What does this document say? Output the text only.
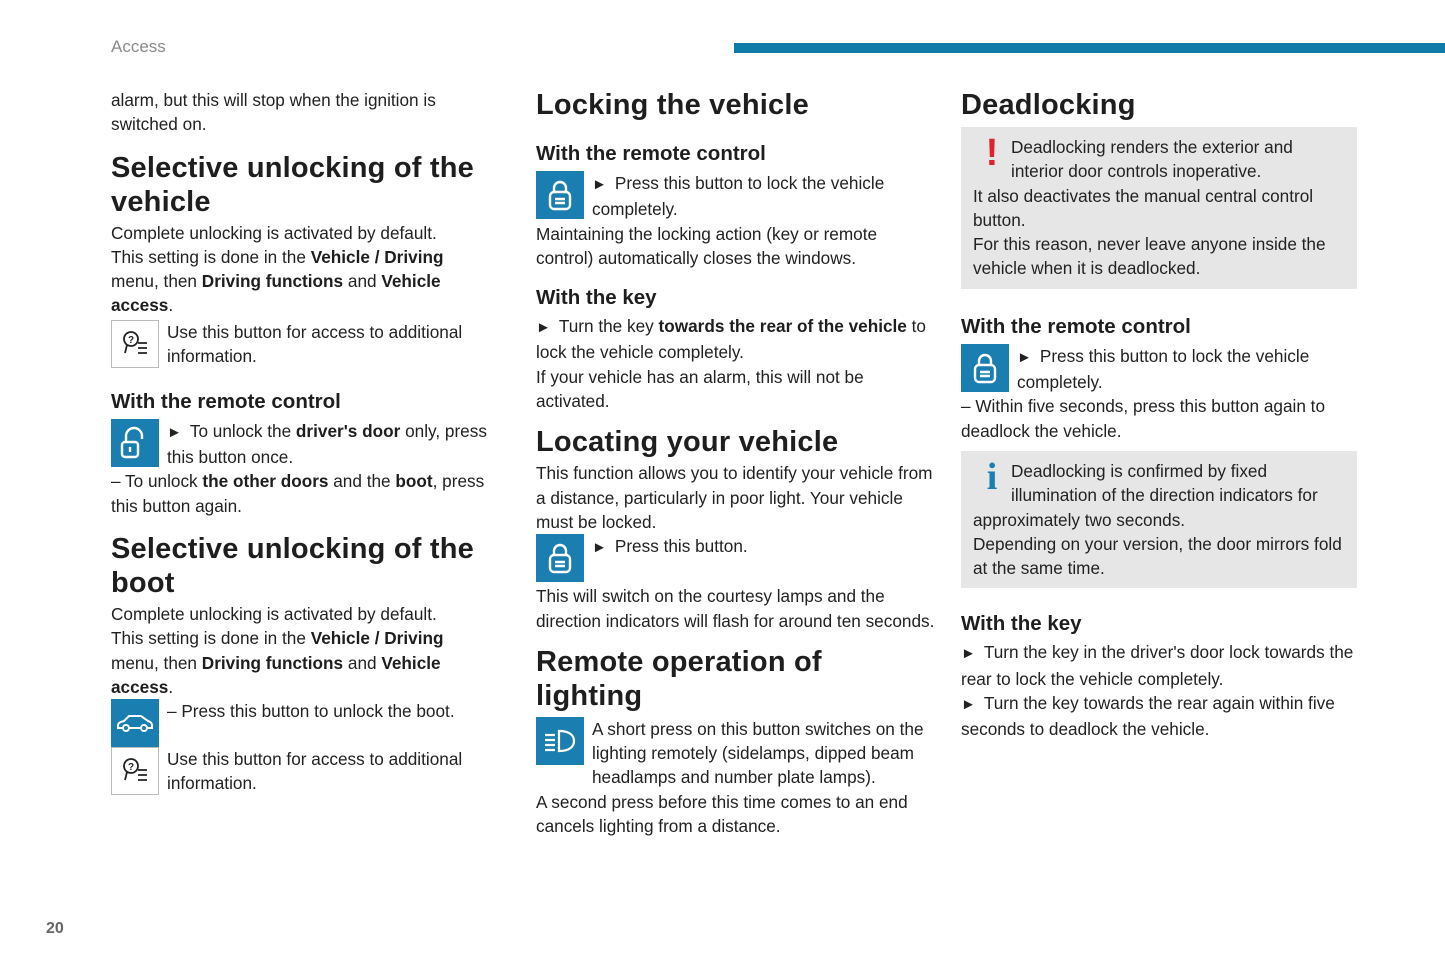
Access

alarm, but this will stop when the ignition is switched on.

Selective unlocking of the vehicle

Complete unlocking is activated by default.

This setting is done in the Vehicle / Driving menu, then Driving functions and Vehicle access.

?	Use this button for access to additional information.

With the remote control

► To unlock the driver's door only, press this button once.

– To unlock the other doors and the boot, press this button again.

Selective unlocking of the boot

Complete unlocking is activated by default.

This setting is done in the Vehicle / Driving menu, then Driving functions and Vehicle access.

– Press this button to unlock the boot.

?	Use this button for access to additional information.

Locking the vehicle
With the remote control

► Press this button to lock the vehicle completely.

Maintaining the locking action (key or remote control) automatically closes the windows.

With the key

► Turn the key towards the rear of the vehicle to lock the vehicle completely.

If your vehicle has an alarm, this will not be activated.

Locating your vehicle

This function allows you to identify your vehicle from a distance, particularly in poor light. Your vehicle must be locked.

► Press this button.

This will switch on the courtesy lamps and the direction indicators will flash for around ten seconds.

Remote operation of lighting

A short press on this button switches on the lighting remotely (sidelamps, dipped beam headlamps and number plate lamps).

A second press before this time comes to an end cancels lighting from a distance.

Deadlocking
! Deadlocking renders the exterior and interior door controls inoperative.

It also deactivates the manual central control button.

For this reason, never leave anyone inside the vehicle when it is deadlocked.

With the remote control

► Press this button to lock the vehicle completely.

– Within five seconds, press this button again to deadlock the vehicle.

i Deadlocking is confirmed by fixed illumination of the direction indicators for approximately two seconds.

Depending on your version, the door mirrors fold at the same time.

With the key

► Turn the key in the driver's door lock towards the rear to lock the vehicle completely.

► Turn the key towards the rear again within five seconds to deadlock the vehicle.

20
